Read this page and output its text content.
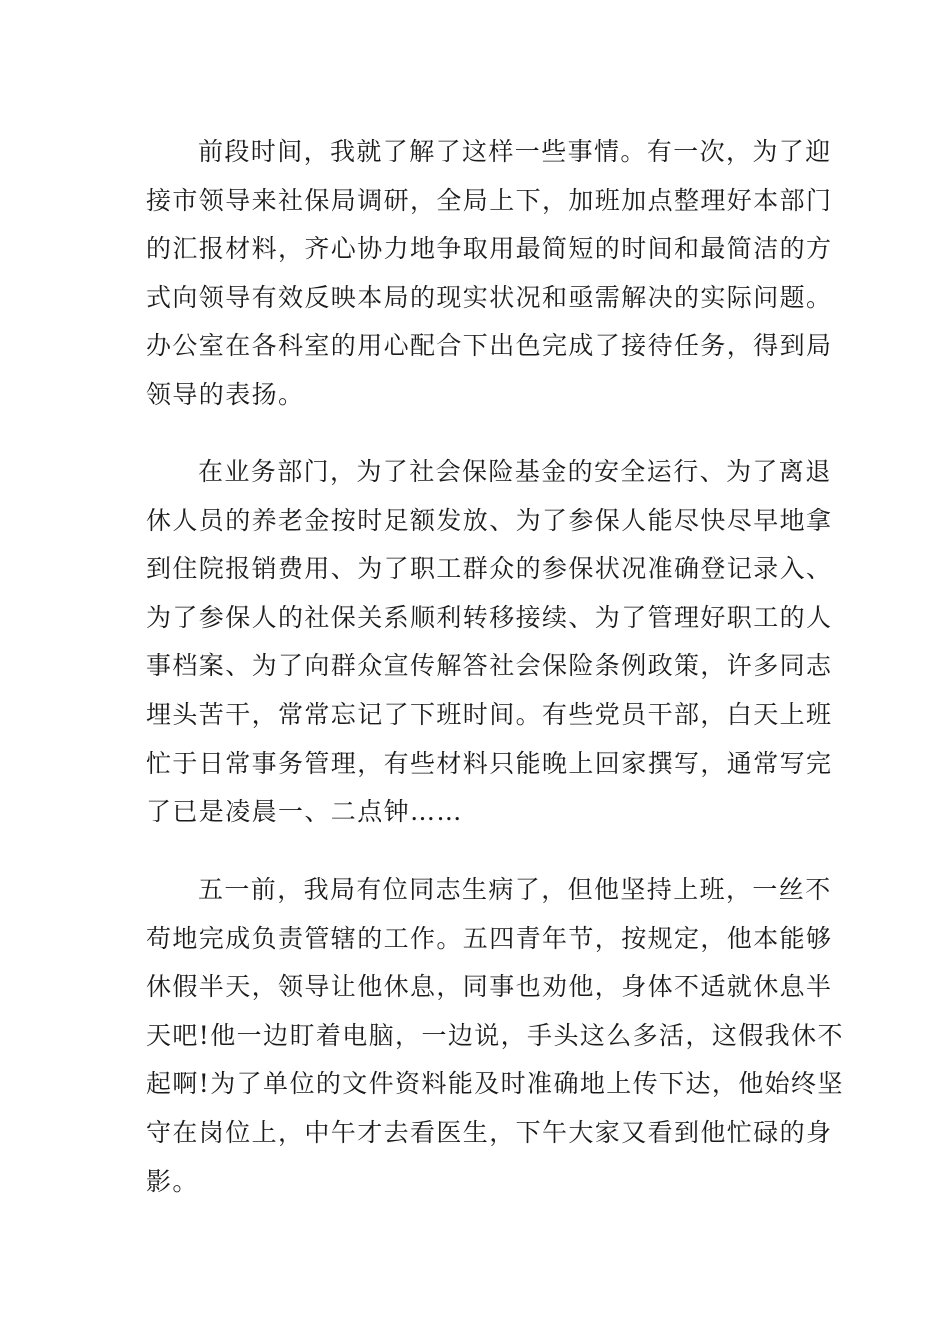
前段时间，我就了解了这样一些事情。有一次，为了迎
接市领导来社保局调研，全局上下，加班加点整理好本部门
的汇报材料，齐心协力地争取用最简短的时间和最简洁的方
式向领导有效反映本局的现实状况和亟需解决的实际问题。
办公室在各科室的用心配合下出色完成了接待任务，得到局
领导的表扬。
在业务部门，为了社会保险基金的安全运行、为了离退
休人员的养老金按时足额发放、为了参保人能尽快尽早地拿
到住院报销费用、为了职工群众的参保状况准确登记录入、
为了参保人的社保关系顺利转移接续、为了管理好职工的人
事档案、为了向群众宣传解答社会保险条例政策，许多同志
埋头苦干，常常忘记了下班时间。有些党员干部，白天上班
忙于日常事务管理，有些材料只能晚上回家撰写，通常写完
了已是凌晨一、二点钟……
五一前，我局有位同志生病了，但他坚持上班，一丝不
苟地完成负责管辖的工作。五四青年节，按规定，他本能够
休假半天，领导让他休息，同事也劝他，身体不适就休息半
天吧!他一边盯着电脑，一边说，手头这么多活，这假我休不
起啊!为了单位的文件资料能及时准确地上传下达，他始终坚
守在岗位上，中午才去看医生，下午大家又看到他忙碌的身
影。
